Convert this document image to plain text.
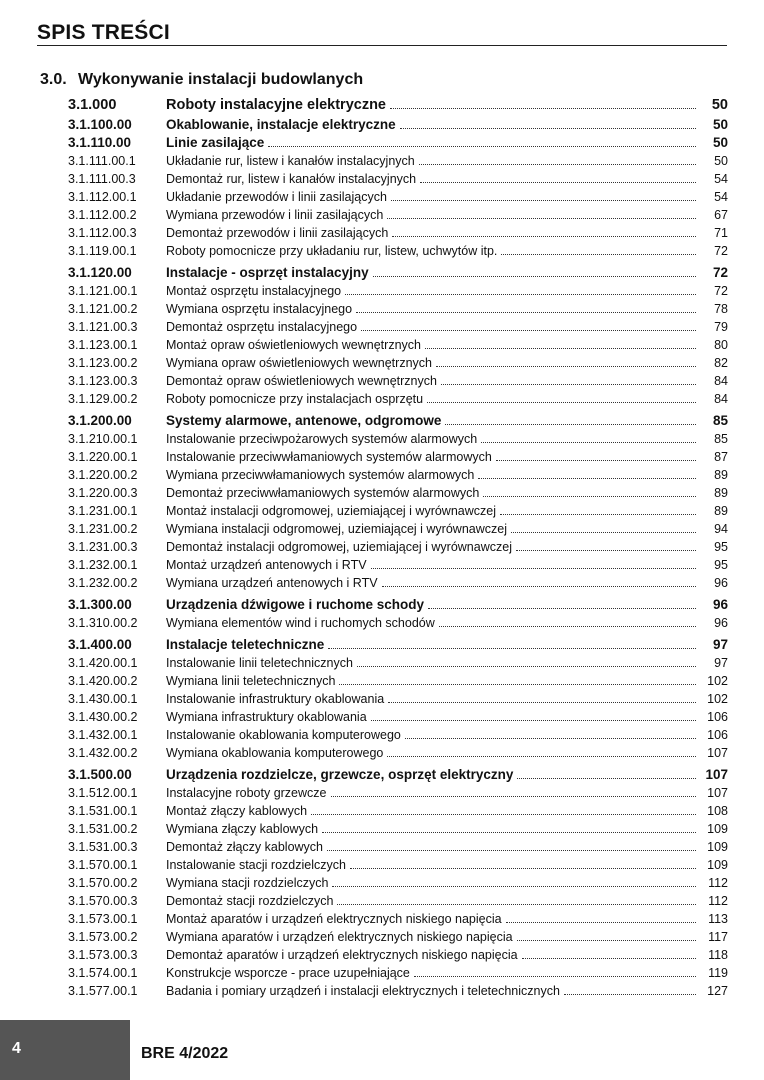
SPIS TREŚCI
3.0. Wykonywanie instalacji budowlanych
3.1.000	Roboty instalacyjne elektryczne	50
3.1.100.00	Okablowanie, instalacje elektryczne	50
3.1.110.00	Linie zasilające	50
3.1.111.00.1	Układanie rur, listew i kanałów instalacyjnych	50
3.1.111.00.3	Demontaż rur, listew i kanałów instalacyjnych	54
3.1.112.00.1	Układanie przewodów i linii zasilających	54
3.1.112.00.2	Wymiana przewodów i linii zasilających	67
3.1.112.00.3	Demontaż przewodów i linii zasilających	71
3.1.119.00.1	Roboty pomocnicze przy układaniu rur, listew, uchwytów itp.	72
3.1.120.00	Instalacje - osprzęt instalacyjny	72
3.1.121.00.1	Montaż osprzętu instalacyjnego	72
3.1.121.00.2	Wymiana osprzętu instalacyjnego	78
3.1.121.00.3	Demontaż osprzętu instalacyjnego	79
3.1.123.00.1	Montaż opraw oświetleniowych wewnętrznych	80
3.1.123.00.2	Wymiana opraw oświetleniowych wewnętrznych	82
3.1.123.00.3	Demontaż opraw oświetleniowych wewnętrznych	84
3.1.129.00.2	Roboty pomocnicze przy instalacjach osprzętu	84
3.1.200.00	Systemy alarmowe, antenowe, odgromowe	85
3.1.210.00.1	Instalowanie przeciwpożarowych systemów alarmowych	85
3.1.220.00.1	Instalowanie przeciwwłamaniowych systemów alarmowych	87
3.1.220.00.2	Wymiana przeciwwłamaniowych systemów alarmowych	89
3.1.220.00.3	Demontaż przeciwwłamaniowych systemów alarmowych	89
3.1.231.00.1	Montaż instalacji odgromowej, uziemiającej i wyrównawczej	89
3.1.231.00.2	Wymiana instalacji odgromowej, uziemiającej i wyrównawczej	94
3.1.231.00.3	Demontaż instalacji odgromowej, uziemiającej i wyrównawczej	95
3.1.232.00.1	Montaż urządzeń antenowych i RTV	95
3.1.232.00.2	Wymiana urządzeń antenowych i RTV	96
3.1.300.00	Urządzenia dźwigowe i ruchome schody	96
3.1.310.00.2	Wymiana elementów wind i ruchomych schodów	96
3.1.400.00	Instalacje teletechniczne	97
3.1.420.00.1	Instalowanie linii teletechnicznych	97
3.1.420.00.2	Wymiana linii teletechnicznych	102
3.1.430.00.1	Instalowanie infrastruktury okablowania	102
3.1.430.00.2	Wymiana infrastruktury okablowania	106
3.1.432.00.1	Instalowanie okablowania komputerowego	106
3.1.432.00.2	Wymiana okablowania komputerowego	107
3.1.500.00	Urządzenia rozdzielcze, grzewcze, osprzęt elektryczny	107
3.1.512.00.1	Instalacyjne roboty grzewcze	107
3.1.531.00.1	Montaż złączy kablowych	108
3.1.531.00.2	Wymiana złączy kablowych	109
3.1.531.00.3	Demontaż złączy kablowych	109
3.1.570.00.1	Instalowanie stacji rozdzielczych	109
3.1.570.00.2	Wymiana stacji rozdzielczych	112
3.1.570.00.3	Demontaż stacji rozdzielczych	112
3.1.573.00.1	Montaż aparatów i urządzeń elektrycznych niskiego napięcia	113
3.1.573.00.2	Wymiana aparatów i urządzeń elektrycznych niskiego napięcia	117
3.1.573.00.3	Demontaż aparatów i urządzeń elektrycznych niskiego napięcia	118
3.1.574.00.1	Konstrukcje wsporcze - prace uzupełniające	119
3.1.577.00.1	Badania i pomiary urządzeń i instalacji elektrycznych i teletechnicznych	127
4	BRE 4/2022
